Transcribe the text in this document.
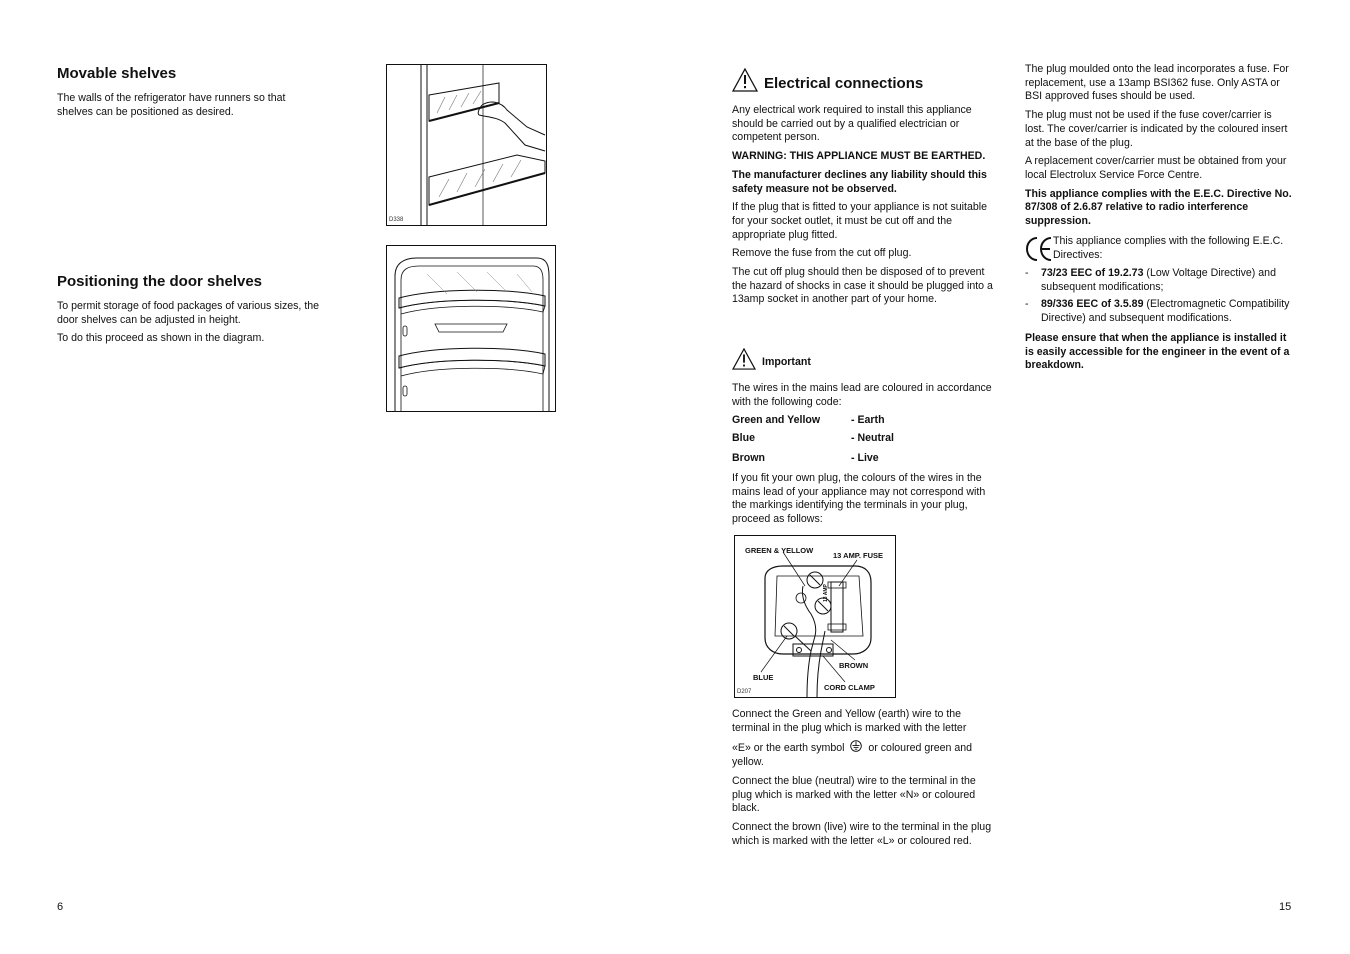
Movable shelves

The walls of the refrigerator have runners so that shelves can be positioned as desired.

D338
Positioning the door shelves

To permit storage of food packages of various sizes, the door shelves can be adjusted in height.

To do this proceed as shown in the diagram.

6
Electrical connections

Any electrical work required to install this appliance should be carried out by a qualified electrician or competent person.

WARNING: THIS APPLIANCE MUST BE EARTHED.

The manufacturer declines any liability should this safety measure not be observed.

If the plug that is fitted to your appliance is not suitable for your socket outlet, it must be cut off and the appropriate plug fitted.

Remove the fuse from the cut off plug.

The cut off plug should then be disposed of to prevent the hazard of shocks in case it should be plugged into a 13amp socket in another part of your home.

Important

The wires in the mains lead are coloured in accordance with the following code:

Green and Yellow	- Earth
Blue	- Neutral
Brown	- Live

If you fit your own plug, the colours of the wires in the mains lead of your appliance may not correspond with the markings identifying the terminals in your plug, proceed as follows:

GREEN & YELLOW
13 AMP. FUSE
13 AMP
BROWN
BLUE
CORD CLAMP
D207

Connect the Green and Yellow (earth) wire to the terminal in the plug which is marked with the letter

«E» or the earth symbol or coloured green and yellow.

Connect the blue (neutral) wire to the terminal in the plug which is marked with the letter «N» or coloured black.

Connect the brown (live) wire to the terminal in the plug which is marked with the letter «L» or coloured red.

The plug moulded onto the lead incorporates a fuse. For replacement, use a 13amp BSI362 fuse. Only ASTA or BSI approved fuses should be used.

The plug must not be used if the fuse cover/carrier is lost. The cover/carrier is indicated by the coloured insert at the base of the plug.

A replacement cover/carrier must be obtained from your local Electrolux Service Force Centre.

This appliance complies with the E.E.C. Directive No. 87/308 of 2.6.87 relative to radio interference suppression.

This appliance complies with the following E.E.C. Directives:
-	73/23 EEC of 19.2.73 (Low Voltage Directive) and subsequent modifications;
-	89/336 EEC of 3.5.89 (Electromagnetic Compatibility Directive) and subsequent modifications.

Please ensure that when the appliance is installed it is easily accessible for the engineer in the event of a breakdown.

15
